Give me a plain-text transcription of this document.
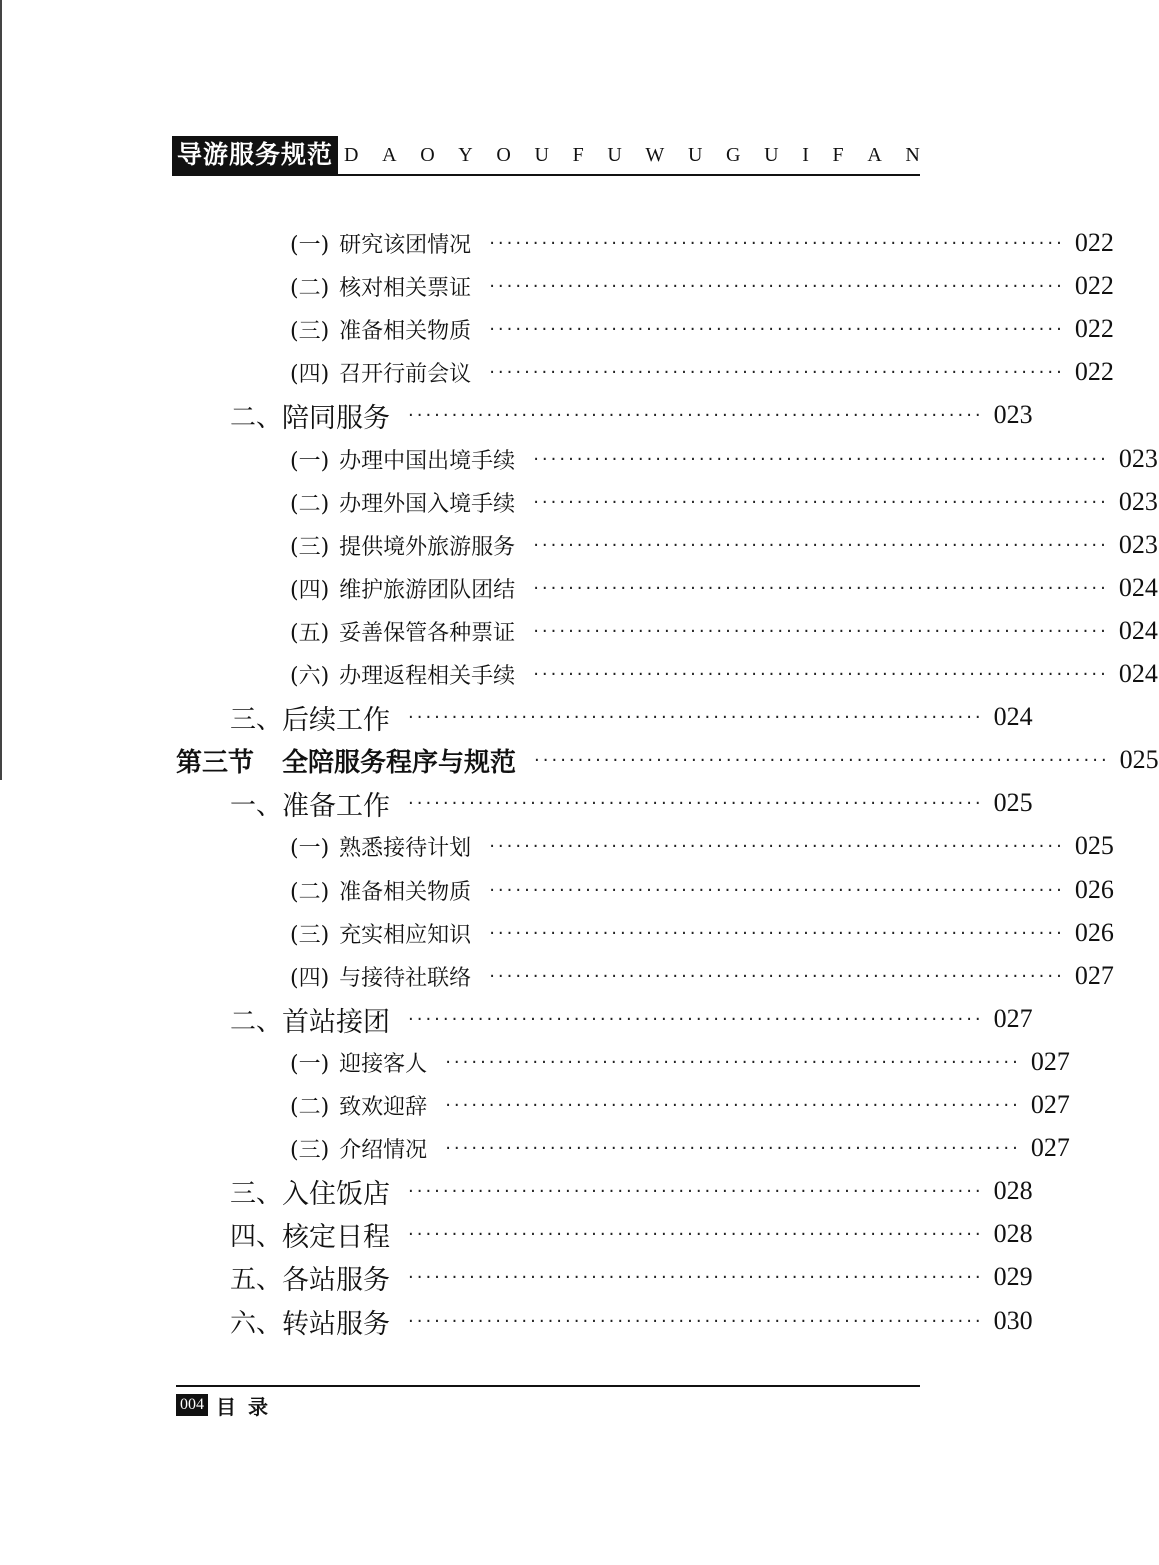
导游服务规范 D A O Y O U F U W U G U I F A N
(一) 研究该团情况 ·································································· 022
(二) 核对相关票证 ·································································· 022
(三) 准备相关物质 ·································································· 022
(四) 召开行前会议 ·································································· 022
二、 陪同服务 ·································································· 023
(一) 办理中国出境手续 ·································································· 023
(二) 办理外国入境手续 ·································································· 023
(三) 提供境外旅游服务 ·································································· 023
(四) 维护旅游团队团结 ·································································· 024
(五) 妥善保管各种票证 ·································································· 024
(六) 办理返程相关手续 ·································································· 024
三、 后续工作 ·································································· 024
第三节 全陪服务程序与规范 ·································································· 025
一、 准备工作 ·································································· 025
(一) 熟悉接待计划 ·································································· 025
(二) 准备相关物质 ·································································· 026
(三) 充实相应知识 ·································································· 026
(四) 与接待社联络 ·································································· 027
二、 首站接团 ·································································· 027
(一) 迎接客人 ·································································· 027
(二) 致欢迎辞 ·································································· 027
(三) 介绍情况 ·································································· 027
三、 入住饭店 ·································································· 028
四、 核定日程 ·································································· 028
五、 各站服务 ·································································· 029
六、 转站服务 ·································································· 030
004 目录
